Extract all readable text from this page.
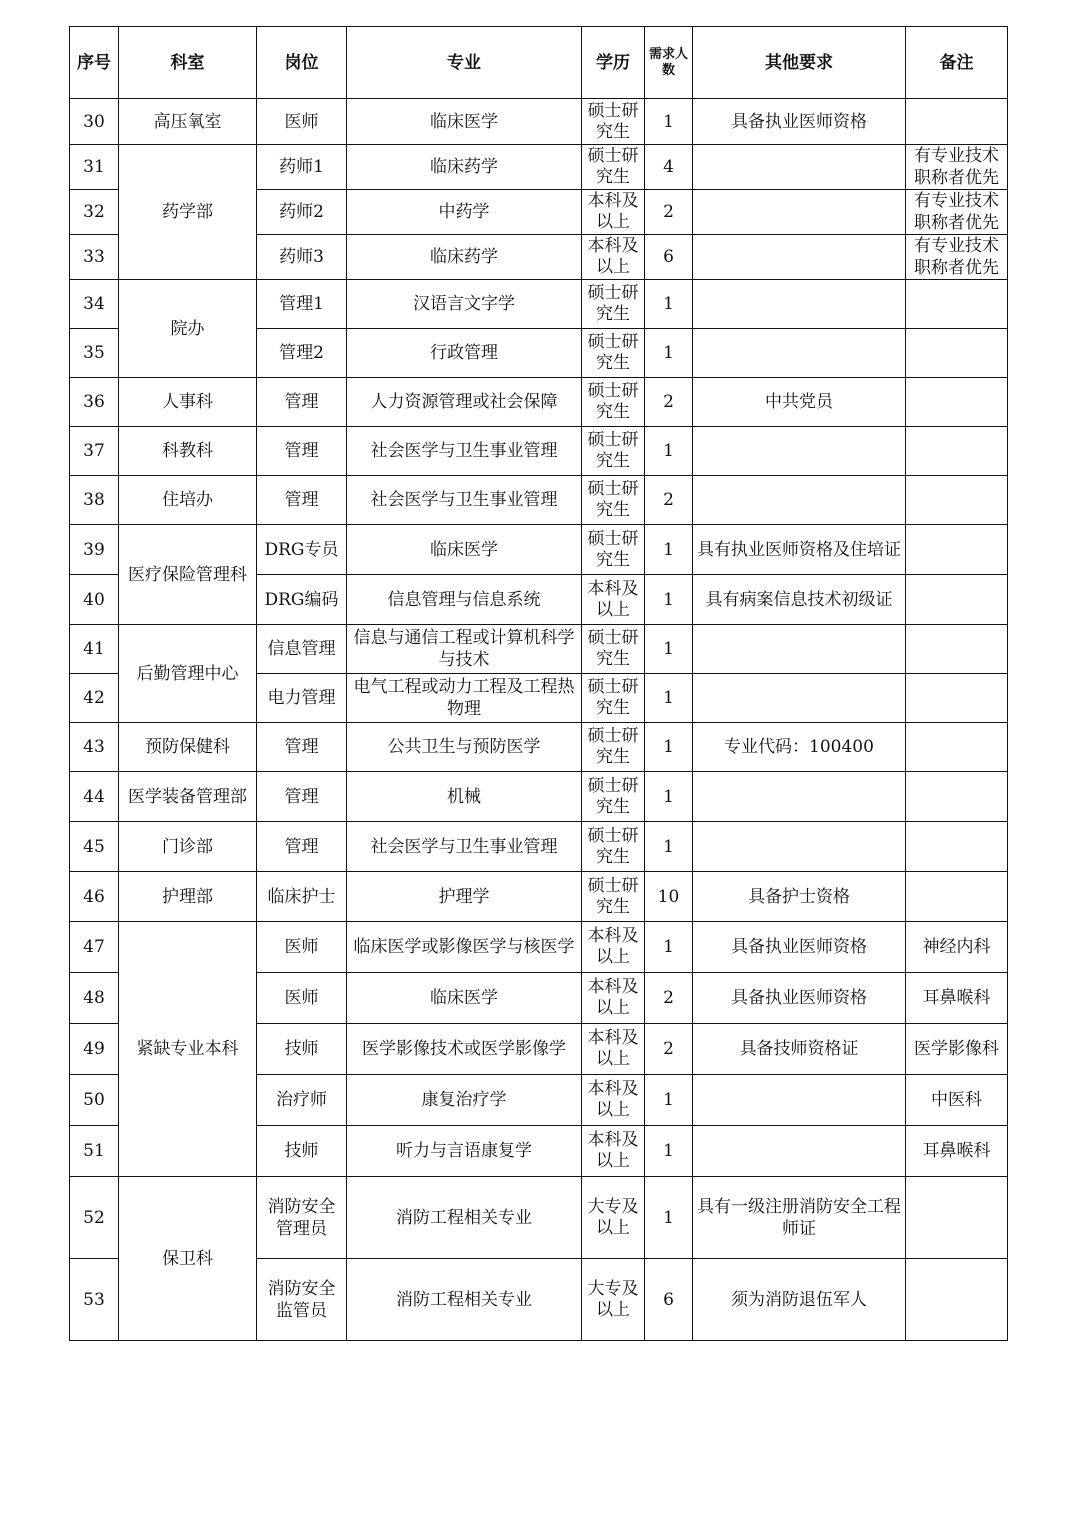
序号	科室	岗位	专业	学历	需求人数	其他要求	备注
30	高压氧室	医师	临床医学	硕士研究生	1	具备执业医师资格	
31	药学部	药师1	临床药学	硕士研究生	4		有专业技术职称者优先
32		药师2	中药学	本科及以上	2		有专业技术职称者优先
33		药师3	临床药学	本科及以上	6		有专业技术职称者优先
34	院办	管理1	汉语言文字学	硕士研究生	1		
35		管理2	行政管理	硕士研究生	1		
36	人事科	管理	人力资源管理或社会保障	硕士研究生	2	中共党员	
37	科教科	管理	社会医学与卫生事业管理	硕士研究生	1		
38	住培办	管理	社会医学与卫生事业管理	硕士研究生	2		
39	医疗保险管理科	DRG专员	临床医学	硕士研究生	1	具有执业医师资格及住培证	
40		DRG编码	信息管理与信息系统	本科及以上	1	具有病案信息技术初级证	
41	后勤管理中心	信息管理	信息与通信工程或计算机科学与技术	硕士研究生	1		
42		电力管理	电气工程或动力工程及工程热物理	硕士研究生	1		
43	预防保健科	管理	公共卫生与预防医学	硕士研究生	1	专业代码：100400	
44	医学装备管理部	管理	机械	硕士研究生	1		
45	门诊部	管理	社会医学与卫生事业管理	硕士研究生	1		
46	护理部	临床护士	护理学	硕士研究生	10	具备护士资格	
47	紧缺专业本科	医师	临床医学或影像医学与核医学	本科及以上	1	具备执业医师资格	神经内科
48		医师	临床医学	本科及以上	2	具备执业医师资格	耳鼻喉科
49		技师	医学影像技术或医学影像学	本科及以上	2	具备技师资格证	医学影像科
50		治疗师	康复治疗学	本科及以上	1		中医科
51		技师	听力与言语康复学	本科及以上	1		耳鼻喉科
52	保卫科	消防安全管理员	消防工程相关专业	大专及以上	1	具有一级注册消防安全工程师证	
53		消防安全监管员	消防工程相关专业	大专及以上	6	须为消防退伍军人	
